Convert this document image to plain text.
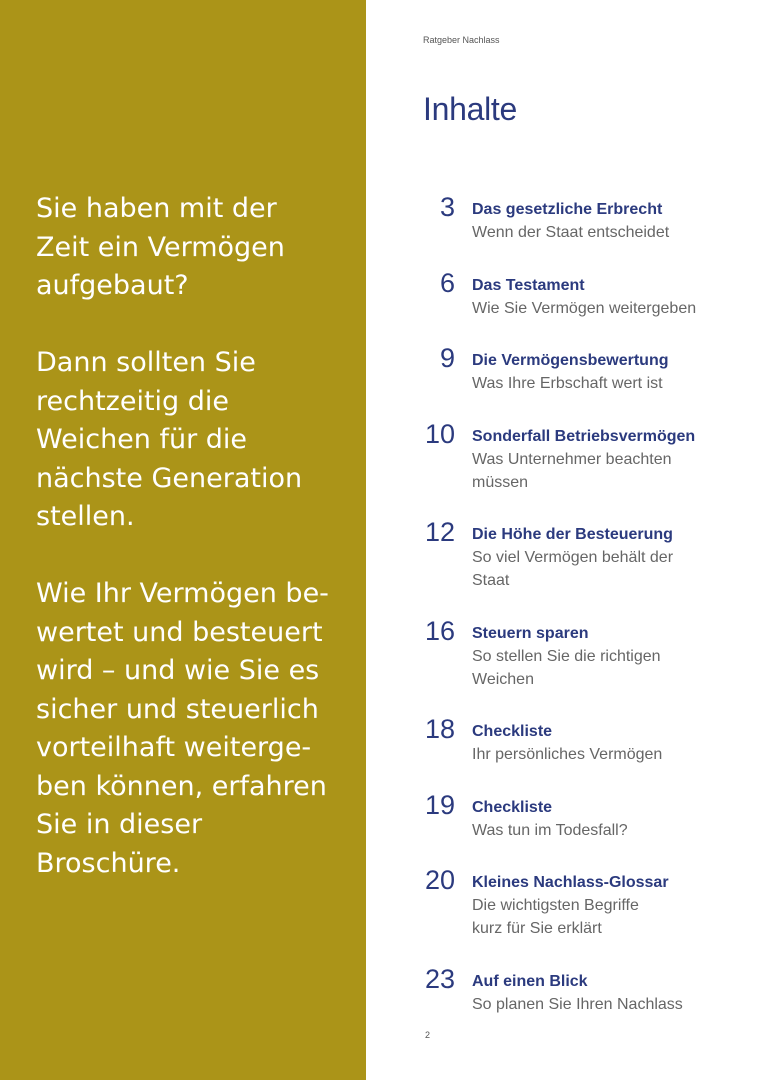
Sie haben mit der Zeit ein Vermögen aufgebaut?

Dann sollten Sie rechtzeitig die Weichen für die nächste Generation stellen.

Wie Ihr Vermögen be-wertet und besteuert wird – und wie Sie es sicher und steuerlich vorteilhaft weiterge-ben können, erfahren Sie in dieser Broschüre.

Ratgeber Nachlass
Inhalte
3 Das gesetzliche Erbrecht
Wenn der Staat entscheidet
6 Das Testament
Wie Sie Vermögen weitergeben
9 Die Vermögensbewertung
Was Ihre Erbschaft wert ist
10 Sonderfall Betriebsvermögen
Was Unternehmer beachten müssen
12 Die Höhe der Besteuerung
So viel Vermögen behält der Staat
16 Steuern sparen
So stellen Sie die richtigen Weichen
18 Checkliste
Ihr persönliches Vermögen
19 Checkliste
Was tun im Todesfall?
20 Kleines Nachlass-Glossar
Die wichtigsten Begriffe kurz für Sie erklärt
23 Auf einen Blick
So planen Sie Ihren Nachlass
2
